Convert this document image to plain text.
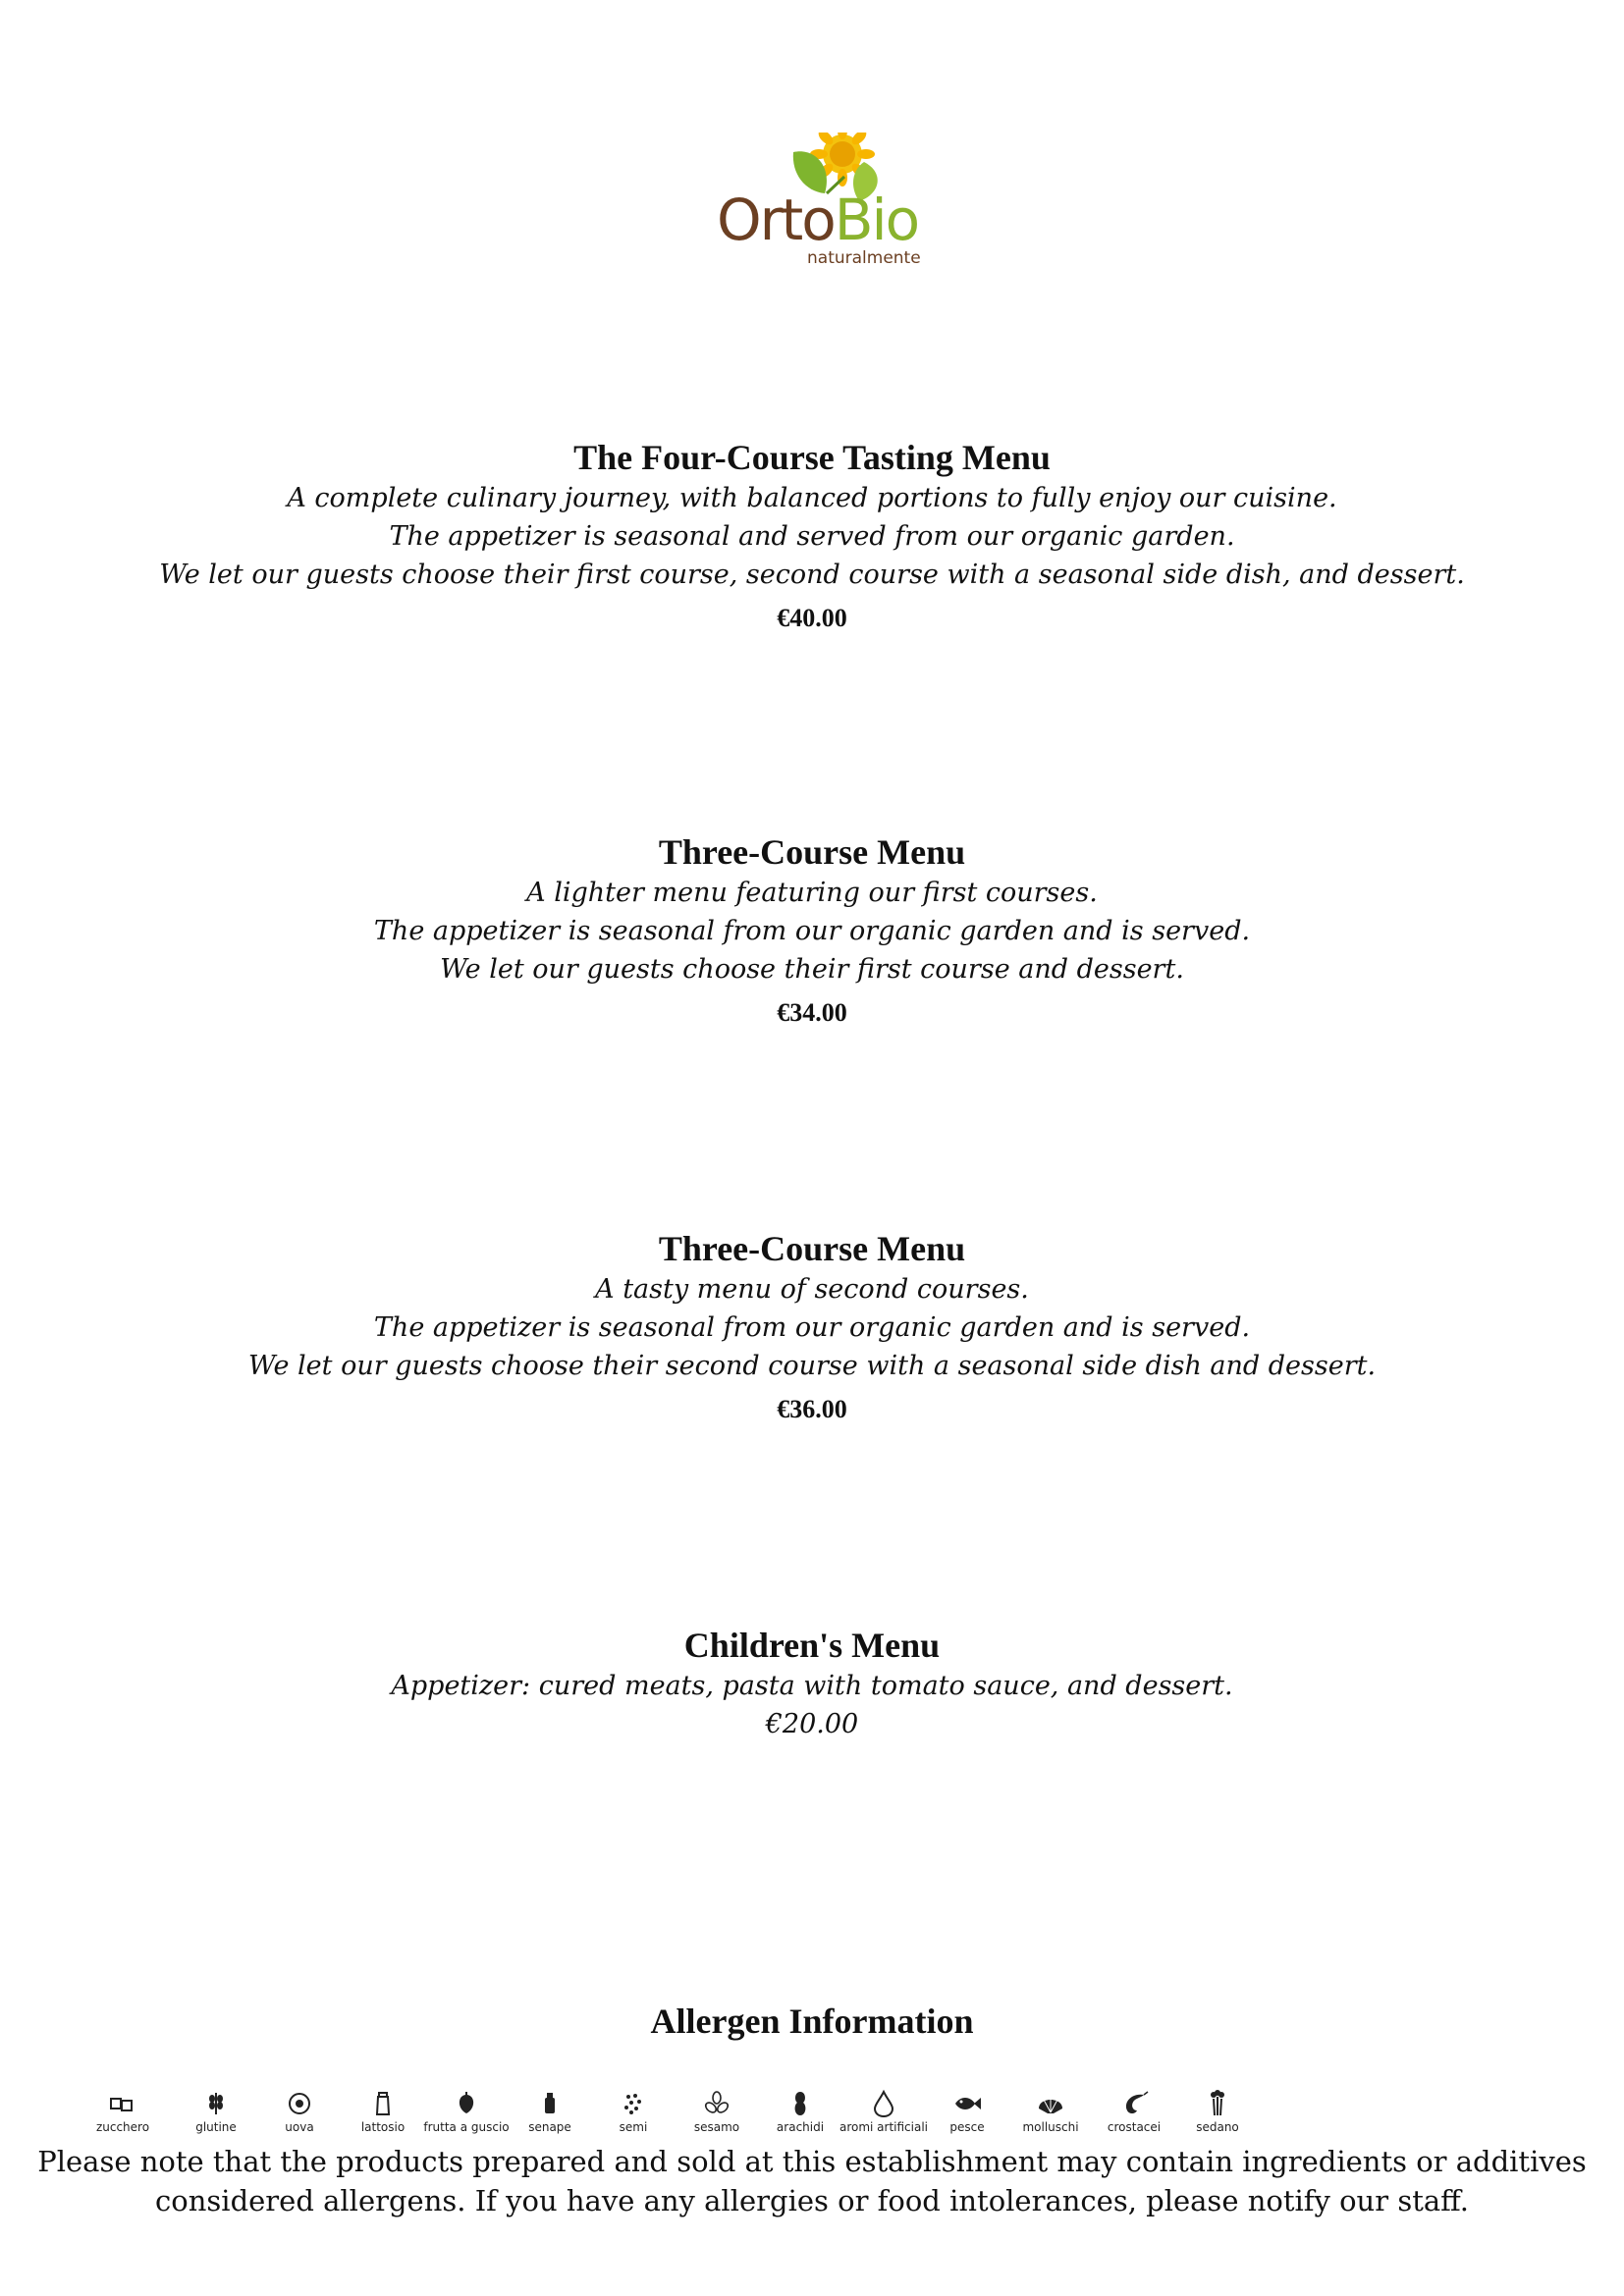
OrtoBio
naturalmente
The Four-Course Tasting Menu
A complete culinary journey, with balanced portions to fully enjoy our cuisine.
The appetizer is seasonal and served from our organic garden.
We let our guests choose their first course, second course with a seasonal side dish, and dessert.
€40.00
Three-Course Menu
A lighter menu featuring our first courses.
The appetizer is seasonal from our organic garden and is served.
We let our guests choose their first course and dessert.
€34.00
Three-Course Menu
A tasty menu of second courses.
The appetizer is seasonal from our organic garden and is served.
We let our guests choose their second course with a seasonal side dish and dessert.
€36.00
Children's Menu
Appetizer: cured meats, pasta with tomato sauce, and dessert.
€20.00
Allergen Information
zucchero	glutine	uova	lattosio	frutta a guscio	senape	semi	sesamo	arachidi	aromi artificiali	pesce	molluschi	crostacei	sedano
Please note that the products prepared and sold at this establishment may contain ingredients or additives
considered allergens. If you have any allergies or food intolerances, please notify our staff.
